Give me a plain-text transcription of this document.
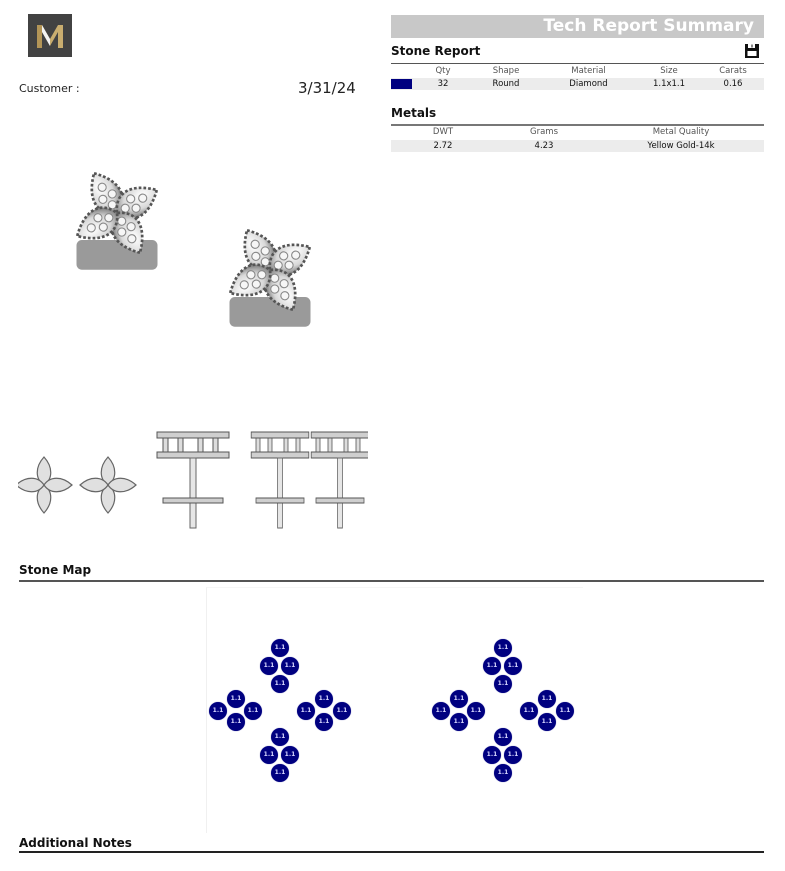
Customer :	3/31/24
Tech Report Summary
Stone Report
Qty	Shape	Material	Size	Carats
32	Round	Diamond	1.1x1.1	0.16
Metals
DWT	Grams	Metal Quality
2.72	4.23	Yellow Gold-14k
Stone Map
1.1
1.1	1.1
1.1
1.1
1.1	1.1
1.1
1.1
1.1	1.1
1.1
1.1
1.1	1.1
1.1
1.1
1.1	1.1
1.1
1.1
1.1	1.1
1.1
1.1
1.1	1.1
1.1
1.1
1.1	1.1
1.1
Additional Notes
